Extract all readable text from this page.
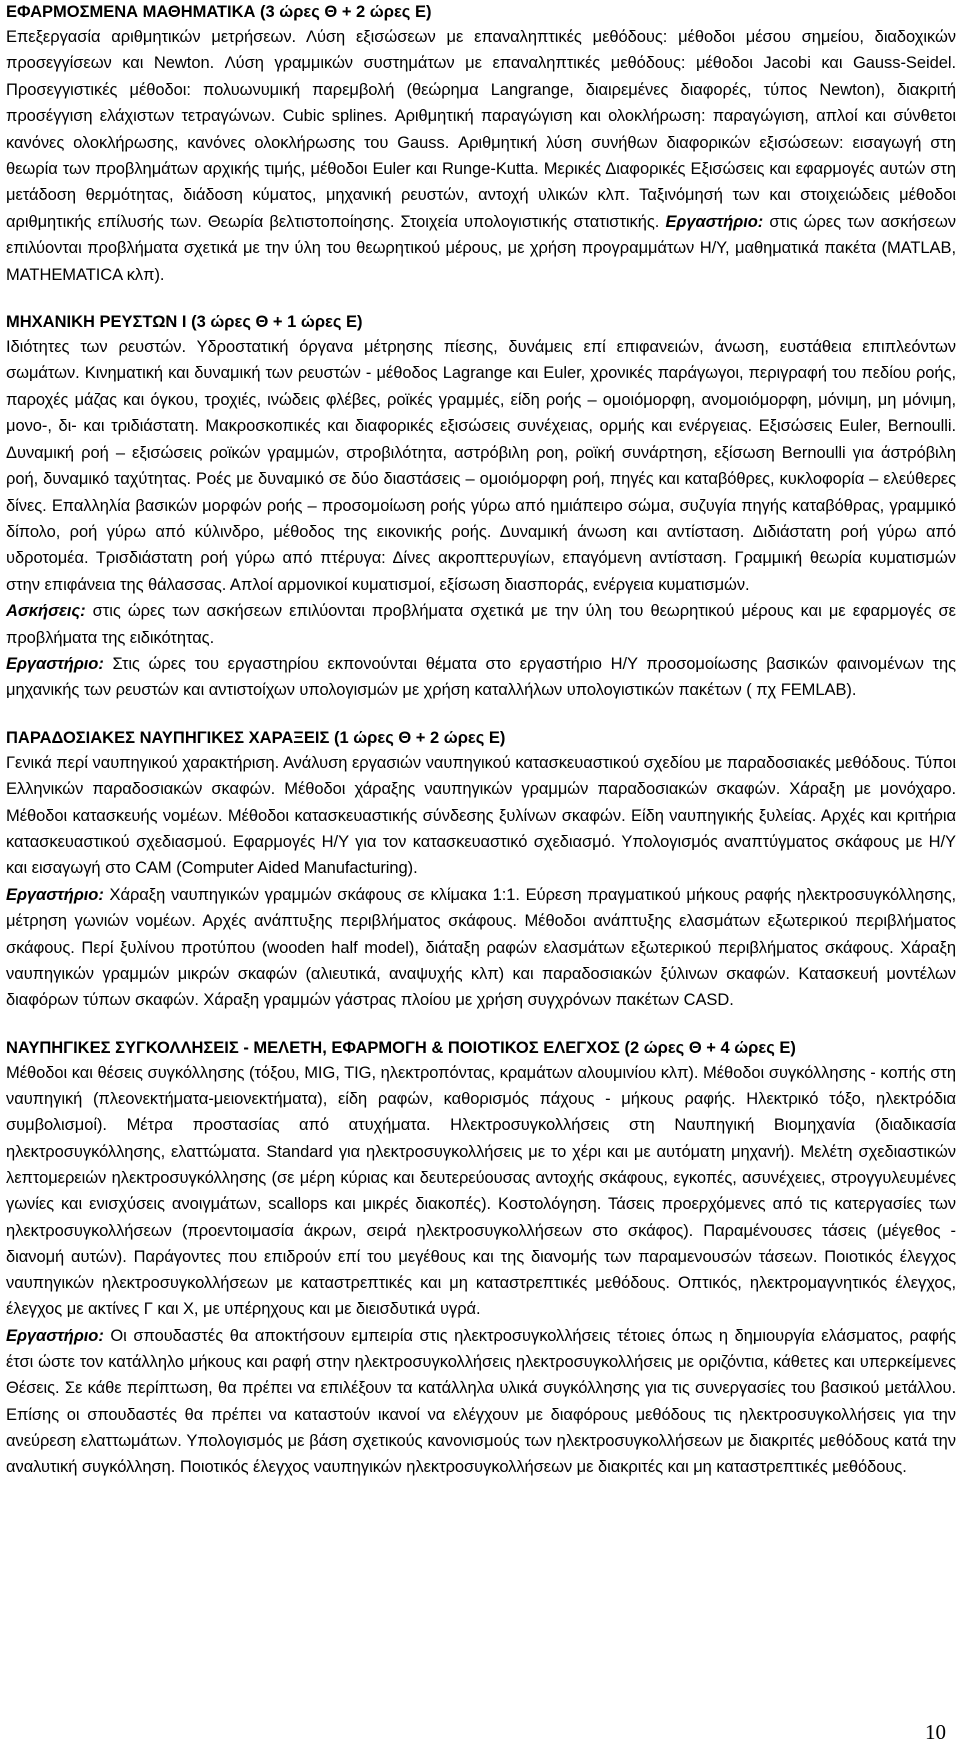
ΕΦΑΡΜΟΣΜΕΝΑ ΜΑΘΗΜΑΤΙΚΑ (3 ώρες Θ + 2 ώρες Ε)

Επεξεργασία αριθμητικών μετρήσεων. Λύση εξισώσεων με επαναληπτικές μεθόδους: μέθοδοι μέσου σημείου, διαδοχικών προσεγγίσεων και Newton. Λύση γραμμικών συστημάτων με επαναληπτικές μεθόδους: μέθοδοι Jacobi και Gauss-Seidel. Προσεγγιστικές μέθοδοι: πολυωνυμική παρεμβολή (θεώρημα Langrange, διαιρεμένες διαφορές, τύπος Newton), διακριτή προσέγγιση ελάχιστων τετραγώνων. Cubic splines. Αριθμητική παραγώγιση και ολοκλήρωση: παραγώγιση, απλοί και σύνθετοι κανόνες ολοκλήρωσης, κανόνες ολοκλήρωσης του Gauss. Αριθμητική λύση συνήθων διαφορικών εξισώσεων: εισαγωγή στη θεωρία των προβλημάτων αρχικής τιμής, μέθοδοι Euler και Runge-Kutta. Μερικές Διαφορικές Εξισώσεις και εφαρμογές αυτών στη μετάδοση θερμότητας, διάδοση κύματος, μηχανική ρευστών, αντοχή υλικών κλπ. Ταξινόμησή των και στοιχειώδεις μέθοδοι αριθμητικής επίλυσής των. Θεωρία βελτιστοποίησης. Στοιχεία υπολογιστικής στατιστικής. Εργαστήριο: στις ώρες των ασκήσεων επιλύονται προβλήματα σχετικά με την ύλη του θεωρητικού μέρους, με χρήση προγραμμάτων Η/Υ, μαθηματικά πακέτα (MATLAB, MATHEMATICA κλπ).

ΜΗΧΑΝΙΚΗ ΡΕΥΣΤΩΝ Ι (3 ώρες Θ + 1 ώρες Ε)

Ιδιότητες των ρευστών. Υδροστατική όργανα μέτρησης πίεσης, δυνάμεις επί επιφανειών, άνωση, ευστάθεια επιπλεόντων σωμάτων. Κινηματική και δυναμική των ρευστών - μέθοδος Lagrange και Euler, χρονικές παράγωγοι, περιγραφή του πεδίου ροής, παροχές μάζας και όγκου, τροχιές, ινώδεις φλέβες, ροϊκές γραμμές, είδη ροής – ομοιόμορφη, ανομοιόμορφη, μόνιμη, μη μόνιμη, μονο-, δι- και τριδιάστατη. Μακροσκοπικές και διαφορικές εξισώσεις συνέχειας, ορμής και ενέργειας. Εξισώσεις Euler, Bernoulli. Δυναμική ροή – εξισώσεις ροϊκών γραμμών, στροβιλότητα, αστρόβιλη ροη, ροϊκή συνάρτηση, εξίσωση Bernoulli για άστρόβιλη ροή, δυναμικό ταχύτητας. Ροές με δυναμικό σε δύο διαστάσεις – ομοιόμορφη ροή, πηγές και καταβόθρες, κυκλοφορία – ελεύθερες δίνες. Επαλληλία βασικών μορφών ροής – προσομοίωση ροής γύρω από ημιάπειρο σώμα, συζυγία πηγής καταβόθρας, γραμμικό δίπολο, ροή γύρω από κύλινδρο, μέθοδος της εικονικής ροής. Δυναμική άνωση και αντίσταση. Διδιάστατη ροή γύρω από υδροτομέα. Τρισδιάστατη ροή γύρω από πτέρυγα: Δίνες ακροπτερυγίων, επαγόμενη αντίσταση. Γραμμική θεωρία κυματισμών στην επιφάνεια της θάλασσας. Απλοί αρμονικοί κυματισμοί, εξίσωση διασποράς, ενέργεια κυματισμών.

Ασκήσεις: στις ώρες των ασκήσεων επιλύονται προβλήματα σχετικά με την ύλη του θεωρητικού μέρους και με εφαρμογές σε προβλήματα της ειδικότητας.

Εργαστήριο: Στις ώρες του εργαστηρίου εκπονούνται θέματα στο εργαστήριο Η/Υ προσομοίωσης βασικών φαινομένων της μηχανικής των ρευστών και αντιστοίχων υπολογισμών με χρήση καταλλήλων υπολογιστικών πακέτων ( πχ FEMLAB).

ΠΑΡΑΔΟΣΙΑΚΕΣ ΝΑΥΠΗΓΙΚΕΣ ΧΑΡΑΞΕΙΣ (1 ώρες Θ + 2 ώρες Ε)

Γενικά περί ναυπηγικού χαρακτήριση. Ανάλυση εργασιών ναυπηγικού κατασκευαστικού σχεδίου με παραδοσιακές μεθόδους. Τύποι Ελληνικών παραδοσιακών σκαφών. Μέθοδοι χάραξης ναυπηγικών γραμμών παραδοσιακών σκαφών. Χάραξη με μονόχαρο. Μέθοδοι κατασκευής νομέων. Μέθοδοι κατασκευαστικής σύνδεσης ξυλίνων σκαφών. Είδη ναυπηγικής ξυλείας. Αρχές και κριτήρια κατασκευαστικού σχεδιασμού. Εφαρμογές Η/Υ για τον κατασκευαστικό σχεδιασμό. Υπολογισμός αναπτύγματος σκάφους με Η/Υ και εισαγωγή στο CAM (Computer Aided Manufacturing).

Εργαστήριο: Χάραξη ναυπηγικών γραμμών σκάφους σε κλίμακα 1:1. Εύρεση πραγματικού μήκους ραφής ηλεκτροσυγκόλλησης, μέτρηση γωνιών νομέων. Αρχές ανάπτυξης περιβλήματος σκάφους. Μέθοδοι ανάπτυξης ελασμάτων εξωτερικού περιβλήματος σκάφους. Περί ξυλίνου προτύπου (wooden half model), διάταξη ραφών ελασμάτων εξωτερικού περιβλήματος σκάφους. Χάραξη ναυπηγικών γραμμών μικρών σκαφών (αλιευτικά, αναψυχής κλπ) και παραδοσιακών ξύλινων σκαφών. Κατασκευή μοντέλων διαφόρων τύπων σκαφών. Χάραξη γραμμών γάστρας πλοίου με χρήση συγχρόνων πακέτων CASD.

ΝΑΥΠΗΓΙΚΕΣ ΣΥΓΚΟΛΛΗΣΕΙΣ - ΜΕΛΕΤΗ, ΕΦΑΡΜΟΓΗ & ΠΟΙΟΤΙΚΟΣ ΕΛΕΓΧΟΣ (2 ώρες Θ + 4 ώρες Ε)

Μέθοδοι και θέσεις συγκόλλησης (τόξου, MIG, TIG, ηλεκτροπόντας, κραμάτων αλουμινίου κλπ). Μέθοδοι συγκόλλησης - κοπής στη ναυπηγική (πλεονεκτήματα-μειονεκτήματα), είδη ραφών, καθορισμός πάχους - μήκους ραφής. Ηλεκτρικό τόξο, ηλεκτρόδια συμβολισμοί). Μέτρα προστασίας από ατυχήματα. Ηλεκτροσυγκολλήσεις στη Ναυπηγική Βιομηχανία (διαδικασία ηλεκτροσυγκόλλησης, ελαττώματα. Standard για ηλεκτροσυγκολλήσεις με το χέρι και με αυτόματη μηχανή). Μελέτη σχεδιαστικών λεπτομερειών ηλεκτροσυγκόλλησης (σε μέρη κύριας και δευτερεύουσας αντοχής σκάφους, εγκοπές, ασυνέχειες, στρογγυλευμένες γωνίες και ενισχύσεις ανοιγμάτων, scallops και μικρές διακοπές). Κοστολόγηση. Τάσεις προερχόμενες από τις κατεργασίες των ηλεκτροσυγκολλήσεων (προεντοιμασία άκρων, σειρά ηλεκτροσυγκολλήσεων στο σκάφος). Παραμένουσες τάσεις (μέγεθος - διανομή αυτών). Παράγοντες που επιδρούν επί του μεγέθους και της διανομής των παραμενουσών τάσεων. Ποιοτικός έλεγχος ναυπηγικών ηλεκτροσυγκολλήσεων με καταστρεπτικές και μη καταστρεπτικές μεθόδους. Οπτικός, ηλεκτρομαγνητικός έλεγχος, έλεγχος με ακτίνες Γ και Χ, με υπέρηχους και με διεισδυτικά υγρά.

Εργαστήριο: Οι σπουδαστές θα αποκτήσουν εμπειρία στις ηλεκτροσυγκολλήσεις τέτοιες όπως η δημιουργία ελάσματος, ραφής έτσι ώστε τον κατάλληλο μήκους και ραφή στην ηλεκτροσυγκολλήσεις ηλεκτροσυγκολλήσεις με οριζόντια, κάθετες και υπερκείμενες Θέσεις. Σε κάθε περίπτωση, θα πρέπει να επιλέξουν τα κατάλληλα υλικά συγκόλλησης για τις συνεργασίες του βασικού μετάλλου. Επίσης οι σπουδαστές θα πρέπει να καταστούν ικανοί να ελέγχουν με διαφόρους μεθόδους τις ηλεκτροσυγκολλήσεις για την ανεύρεση ελαττωμάτων. Υπολογισμός με βάση σχετικούς κανονισμούς των ηλεκτροσυγκολλήσεων με διακριτές μεθόδους κατά την αναλυτική συγκόλληση. Ποιοτικός έλεγχος ναυπηγικών ηλεκτροσυγκολλήσεων με διακριτές και μη καταστρεπτικές μεθόδους.

10
